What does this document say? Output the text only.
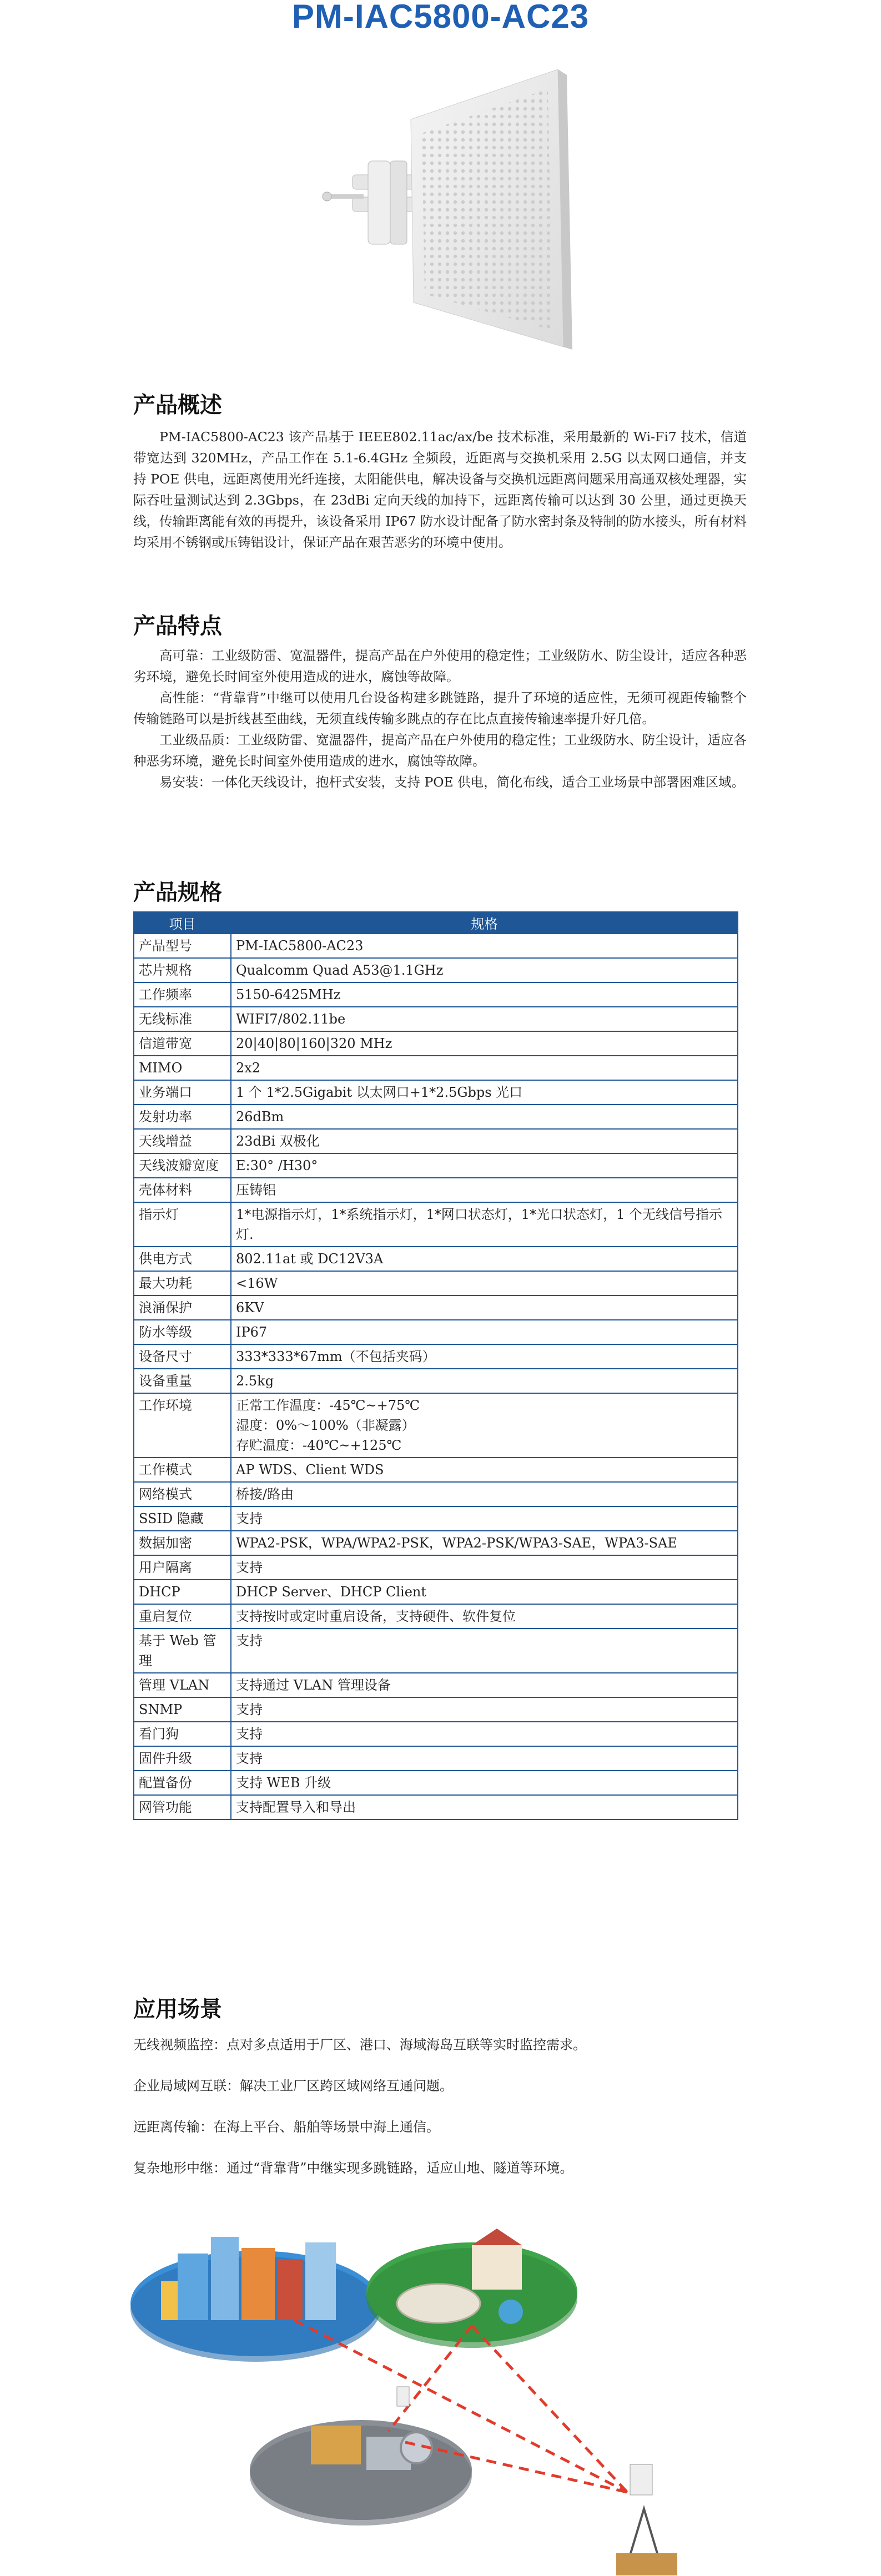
PM-IAC5800-AC23
产品概述

PM-IAC5800-AC23 该产品基于 IEEE802.11ac/ax/be 技术标准，采用最新的 Wi-Fi7 技术，信道带宽达到 320MHz，产品工作在 5.1-6.4GHz 全频段，近距离与交换机采用 2.5G 以太网口通信，并支持 POE 供电，远距离使用光纤连接，太阳能供电，解决设备与交换机远距离问题采用高通双核处理器，实际吞吐量测试达到 2.3Gbps，在 23dBi 定向天线的加持下，远距离传输可以达到 30 公里，通过更换天线，传输距离能有效的再提升，该设备采用 IP67 防水设计配备了防水密封条及特制的防水接头，所有材料均采用不锈钢或压铸铝设计，保证产品在艰苦恶劣的环境中使用。

产品特点

高可靠：工业级防雷、宽温器件，提高产品在户外使用的稳定性；工业级防水、防尘设计，适应各种恶劣环境，避免长时间室外使用造成的进水，腐蚀等故障。

高性能：“背靠背”中继可以使用几台设备构建多跳链路，提升了环境的适应性，无须可视距传输整个传输链路可以是折线甚至曲线，无须直线传输多跳点的存在比点直接传输速率提升好几倍。

工业级品质：工业级防雷、宽温器件，提高产品在户外使用的稳定性；工业级防水、防尘设计，适应各种恶劣环境，避免长时间室外使用造成的进水，腐蚀等故障。

易安装：一体化天线设计，抱杆式安装，支持 POE 供电，简化布线，适合工业场景中部署困难区域。

产品规格
项目	规格
产品型号	PM-IAC5800-AC23

芯片规格	Qualcomm Quad A53@1.1GHz

工作频率	5150-6425MHz

无线标准	WIFI7/802.11be

信道带宽	20|40|80|160|320 MHz

MIMO	2x2

业务端口	1 个 1*2.5Gigabit 以太网口+1*2.5Gbps 光口

发射功率	26dBm

天线增益	23dBi 双极化

天线波瓣宽度	E:30° /H30°

壳体材料	压铸铝

指示灯	1*电源指示灯，1*系统指示灯，1*网口状态灯，1*光口状态灯，1 个无线信号指示灯.

供电方式	802.11at 或 DC12V3A

最大功耗	<16W

浪涌保护	6KV

防水等级	IP67

设备尺寸	333*333*67mm（不包括夹码）

设备重量	2.5kg

工作环境	正常工作温度：-45℃~+75℃
湿度：0%～100%（非凝露）
存贮温度：-40℃~+125℃

工作模式	AP WDS、Client WDS

网络模式	桥接/路由

SSID 隐藏	支持

数据加密	WPA2-PSK，WPA/WPA2-PSK，WPA2-PSK/WPA3-SAE，WPA3-SAE

用户隔离	支持

DHCP	DHCP Server、DHCP Client

重启复位	支持按时或定时重启设备，支持硬件、软件复位

基于 Web 管理	支持

管理 VLAN	支持通过 VLAN 管理设备

SNMP	支持

看门狗	支持

固件升级	支持

配置备份	支持 WEB 升级

网管功能	支持配置导入和导出
应用场景

无线视频监控：点对多点适用于厂区、港口、海域海岛互联等实时监控需求。

企业局域网互联：解决工业厂区跨区域网络互通问题。

远距离传输：在海上平台、船舶等场景中海上通信。

复杂地形中继：通过“背靠背”中继实现多跳链路，适应山地、隧道等环境。
